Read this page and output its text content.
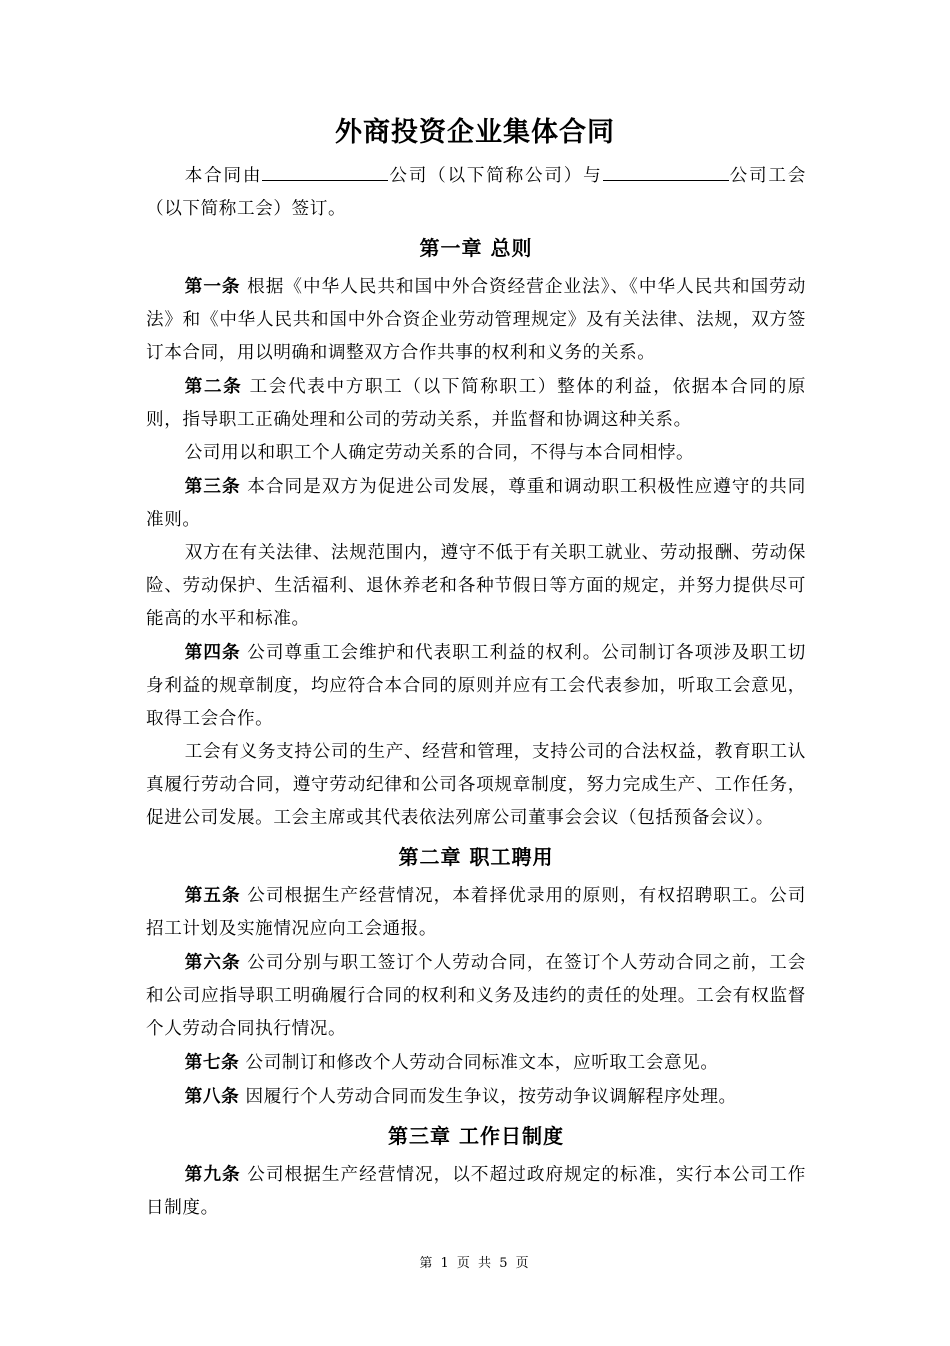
外商投资企业集体合同

本合同由	公司（以下简称公司）与	公司工会（以下简称工会）签订。

第一章 总则

第一条 根据《中华人民共和国中外合资经营企业法》、《中华人民共和国劳动法》和《中华人民共和国中外合资企业劳动管理规定》及有关法律、法规，双方签订本合同，用以明确和调整双方合作共事的权利和义务的关系。

第二条 工会代表中方职工（以下简称职工）整体的利益，依据本合同的原则，指导职工正确处理和公司的劳动关系，并监督和协调这种关系。

公司用以和职工个人确定劳动关系的合同，不得与本合同相悖。

第三条 本合同是双方为促进公司发展，尊重和调动职工积极性应遵守的共同准则。

双方在有关法律、法规范围内，遵守不低于有关职工就业、劳动报酬、劳动保险、劳动保护、生活福利、退休养老和各种节假日等方面的规定，并努力提供尽可能高的水平和标准。

第四条 公司尊重工会维护和代表职工利益的权利。公司制订各项涉及职工切身利益的规章制度，均应符合本合同的原则并应有工会代表参加，听取工会意见，取得工会合作。

工会有义务支持公司的生产、经营和管理，支持公司的合法权益，教育职工认真履行劳动合同，遵守劳动纪律和公司各项规章制度，努力完成生产、工作任务，促进公司发展。工会主席或其代表依法列席公司董事会会议（包括预备会议）。

第二章 职工聘用

第五条 公司根据生产经营情况，本着择优录用的原则，有权招聘职工。公司招工计划及实施情况应向工会通报。

第六条 公司分别与职工签订个人劳动合同，在签订个人劳动合同之前，工会和公司应指导职工明确履行合同的权利和义务及违约的责任的处理。工会有权监督个人劳动合同执行情况。

第七条 公司制订和修改个人劳动合同标准文本，应听取工会意见。

第八条 因履行个人劳动合同而发生争议，按劳动争议调解程序处理。

第三章 工作日制度

第九条 公司根据生产经营情况，以不超过政府规定的标准，实行本公司工作日制度。

第 1 页 共 5 页
